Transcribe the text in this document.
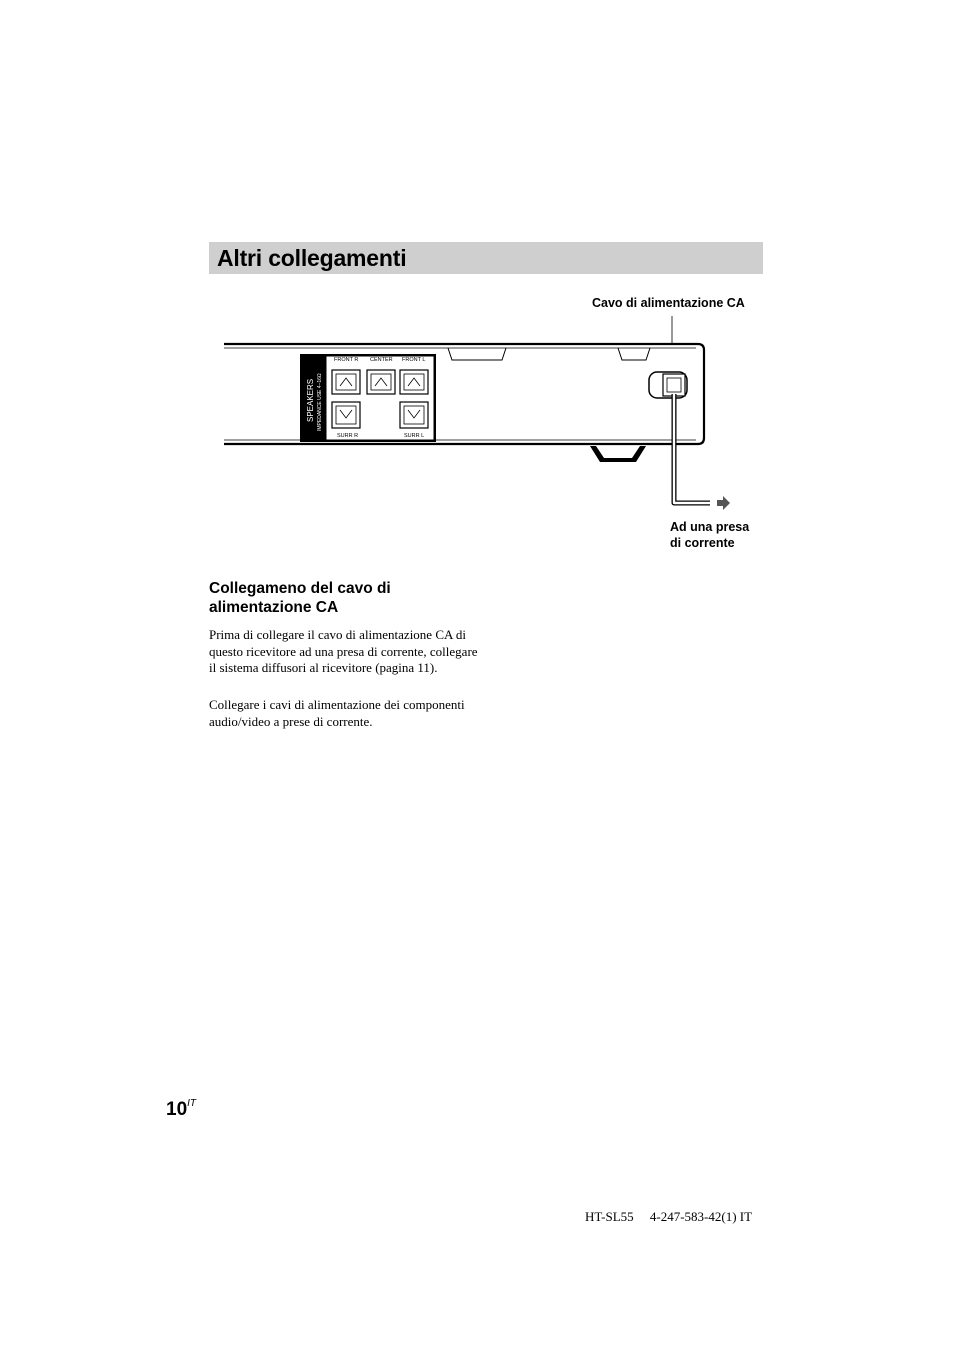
Altri collegamenti
Cavo di alimentazione CA
SPEAKERS IMPEDANCE USE 4–16Ω
FRONT R CENTER FRONT L
SURR R	SURR L
Ad una presa
di corrente
Collegameno del cavo di
alimentazione CA

Prima di collegare il cavo di alimentazione CA di questo ricevitore ad una presa di corrente, collegare il sistema diffusori al ricevitore (pagina 11).

Collegare i cavi di alimentazione dei componenti audio/video a prese di corrente.

$10^{IT}$
HT-SL55 4-247-583-42(1) IT
